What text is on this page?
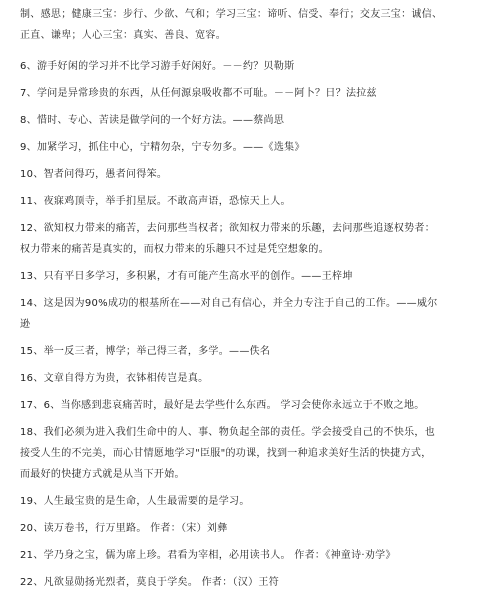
制、感思；健康三宝：步行、少欲、气和；学习三宝：谛听、信受、奉行；交友三宝：诚信、
正直、谦卑；人心三宝：真实、善良、宽容。

6、游手好闲的学习并不比学习游手好闲好。－－约？贝勒斯

7、学问是异常珍贵的东西，从任何源泉吸收都不可耻。－－阿卜？日？法拉兹

8、惜时、专心、苦读是做学问的一个好方法。——蔡尚思

9、加紧学习，抓住中心，宁精勿杂，宁专勿多。——《选集》

10、智者问得巧，愚者问得笨。

11、夜寐鸡顶寺，举手扪星辰。不敢高声语，恐惊天上人。

12、欲知权力带来的痛苦，去问那些当权者；欲知权力带来的乐趣，去问那些追逐权势者：
权力带来的痛苦是真实的，而权力带来的乐趣只不过是凭空想象的。

13、只有平日多学习，多积累，才有可能产生高水平的创作。——王梓坤

14、这是因为90%成功的根基所在——对自己有信心，并全力专注于自己的工作。——威尔
逊

15、举一反三者，博学；举己得三者，多学。——佚名

16、文章自得方为贵，衣钵相传岂是真。

17、6、当你感到悲哀痛苦时，最好是去学些什么东西。 学习会使你永远立于不败之地。

18、我们必须为进入我们生命中的人、事、物负起全部的责任。学会接受自己的不快乐，也
接受人生的不完美，而心甘情愿地学习"臣服"的功课，找到一种追求美好生活的快捷方式，
而最好的快捷方式就是从当下开始。

19、人生最宝贵的是生命，人生最需要的是学习。

20、读万卷书，行万里路。 作者：（宋）刘彝

21、学乃身之宝，儒为席上珍。君看为宰相，必用读书人。 作者：《神童诗·劝学》

22、凡欲显勋扬光烈者，莫良于学矣。 作者：（汉）王符
